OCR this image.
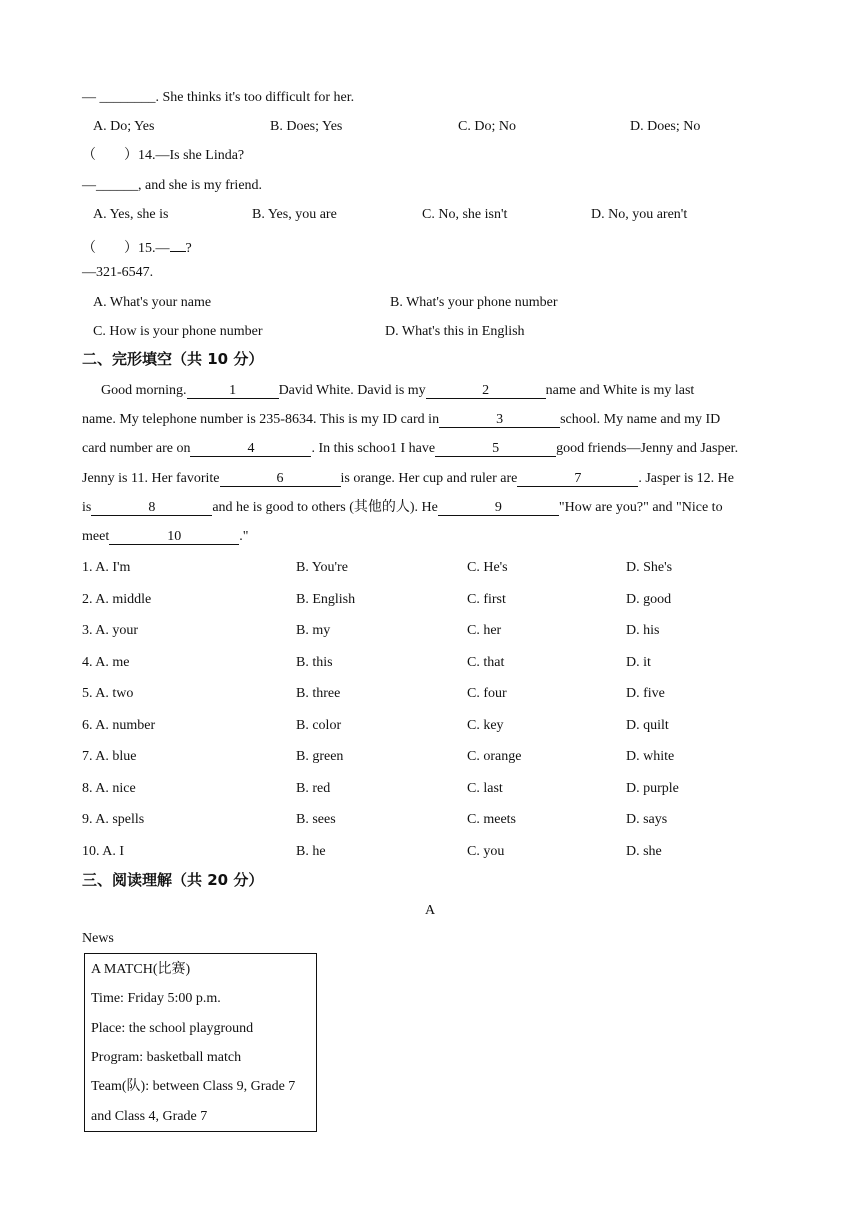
— ________. She thinks it's too difficult for her.
A. Do; Yes	B. Does; Yes	C. Do; No	D. Does; No
（　　）14.—Is she Linda?
—______, and she is my friend.
A. Yes, she is	B. Yes, you are	C. No, she isn't	D. No, you aren't
（　　）15.— ?
—321-6547.
A. What's your name	B. What's your phone number
C. How is your phone number	D. What's this in English
二、完形填空（共 10 分）
Good morning.	1	David White. David is my	2	name and White is my last
name. My telephone number is 235-8634. This is my ID card in	3	school. My name and my ID
card number are on	4	. In this schoo1 I have	5	good friends—Jenny and Jasper.
Jenny is 11. Her favorite	6	is orange. Her cup and ruler are	7	. Jasper is 12. He
is	8	and he is good to others (其他的人). He	9	"How are you?" and "Nice to
meet	10	."
1. A. I'm	B. You're	C. He's	D. She's
2. A. middle	B. English	C. first	D. good
3. A. your	B. my	C. her	D. his
4. A. me	B. this	C. that	D. it
5. A. two	B. three	C. four	D. five
6. A. number	B. color	C. key	D. quilt
7. A. blue	B. green	C. orange	D. white
8. A. nice	B. red	C. last	D. purple
9. A. spells	B. sees	C. meets	D. says
10. A. I	B. he	C. you	D. she
三、阅读理解（共 20 分）
A
News
A MATCH(比赛)
Time: Friday 5:00 p.m.
Place: the school playground
Program: basketball match
Team(队): between Class 9, Grade 7
and Class 4, Grade 7
